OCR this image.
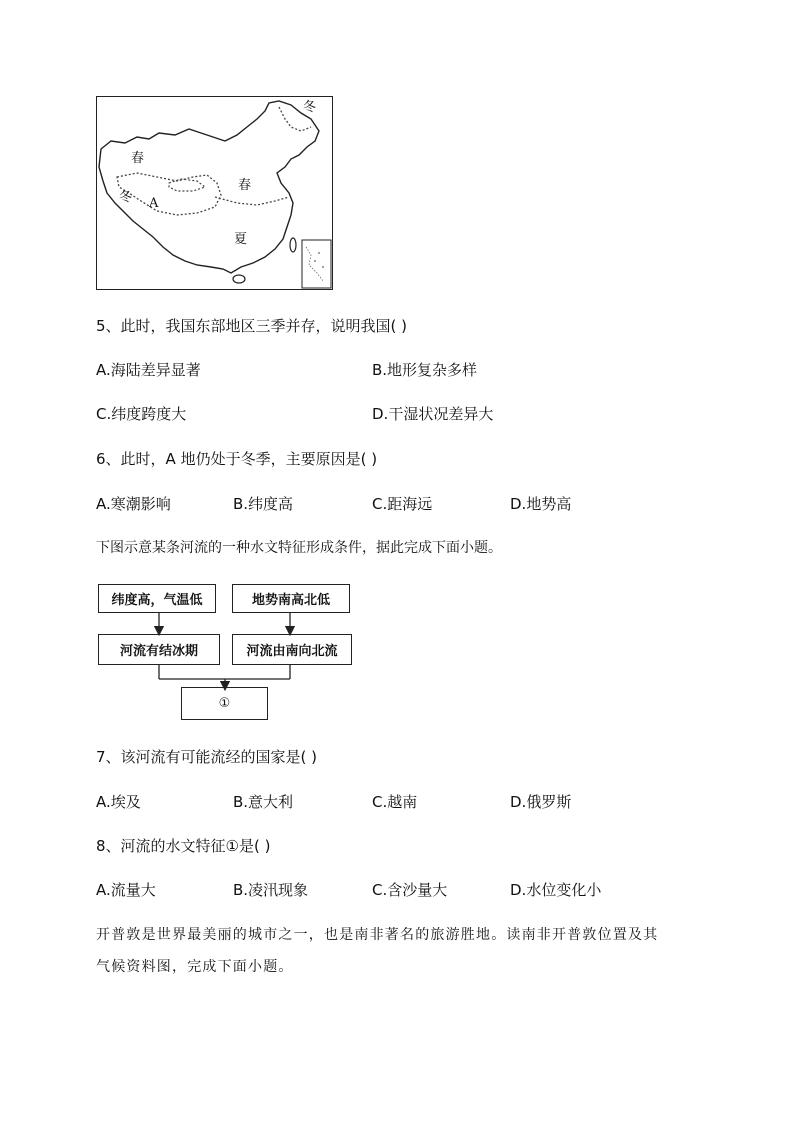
冬
春
冬 A
春
夏
5、此时，我国东部地区三季并存，说明我国( )
A.海陆差异显著	B.地形复杂多样
C.纬度跨度大	D.干湿状况差异大
6、此时，A 地仍处于冬季，主要原因是( )
A.寒潮影响	B.纬度高	C.距海远	D.地势高
下图示意某条河流的一种水文特征形成条件，据此完成下面小题。
纬度高，气温低	地势南高北低
河流有结冰期	河流由南向北流
①
7、该河流有可能流经的国家是( )
A.埃及	B.意大利	C.越南	D.俄罗斯
8、河流的水文特征①是( )
A.流量大	B.凌汛现象	C.含沙量大	D.水位变化小
开普敦是世界最美丽的城市之一，也是南非著名的旅游胜地。读南非开普敦位置及其
气候资料图，完成下面小题。
